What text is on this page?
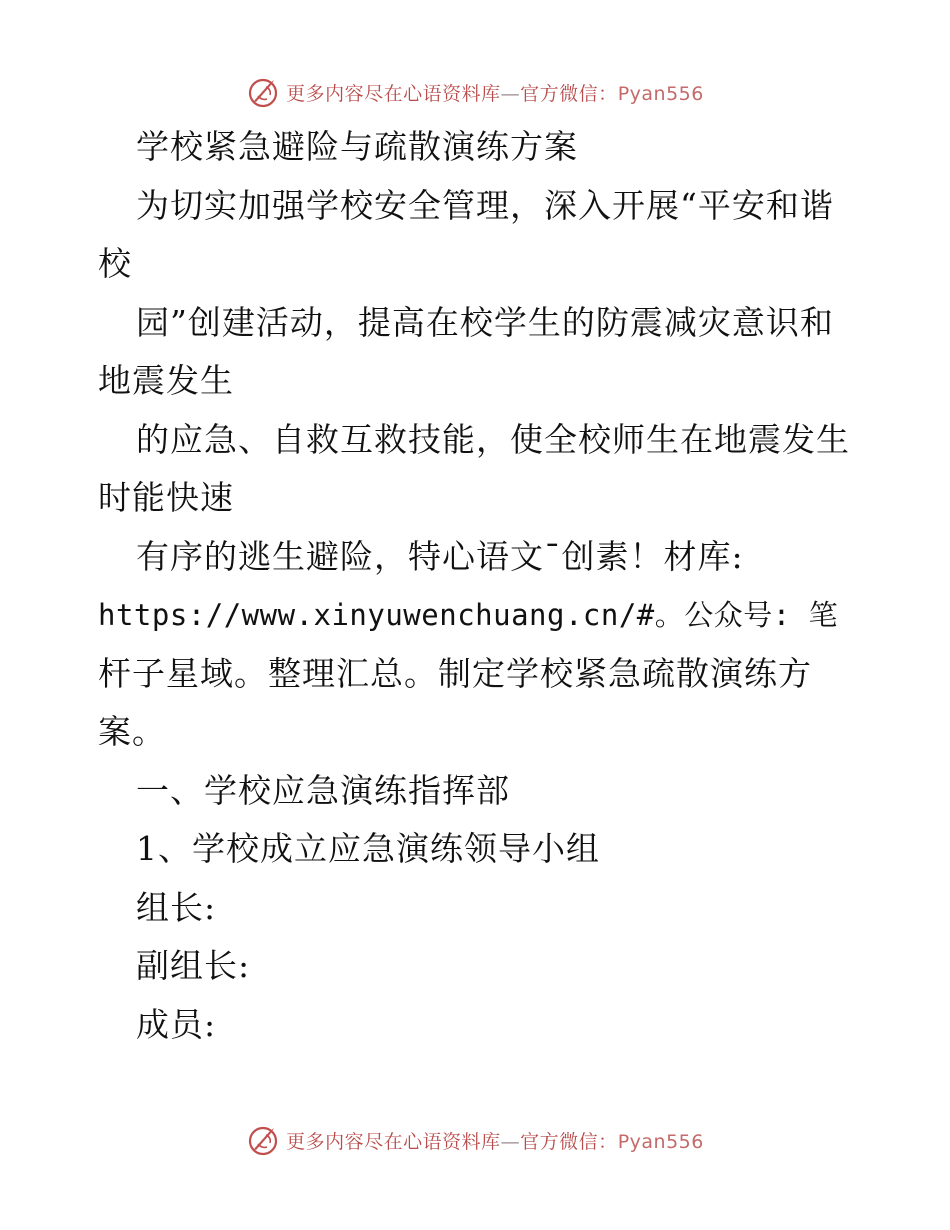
更多内容尽在心语资料库—官方微信：Pyan556
学校紧急避险与疏散演练方案
为切实加强学校安全管理，深入开展“平安和谐
校
园”创建活动，提高在校学生的防震减灾意识和
地震发生
的应急、自救互救技能，使全校师生在地震发生
时能快速
有序的逃生避险，特心语文¯创素！材库:
https://www.xinyuwenchuang.cn/#。公众号: 笔
杆子星域。整理汇总。制定学校紧急疏散演练方
案。
一、学校应急演练指挥部
1、学校成立应急演练领导小组
组长:
副组长:
成员:
更多内容尽在心语资料库—官方微信：Pyan556
